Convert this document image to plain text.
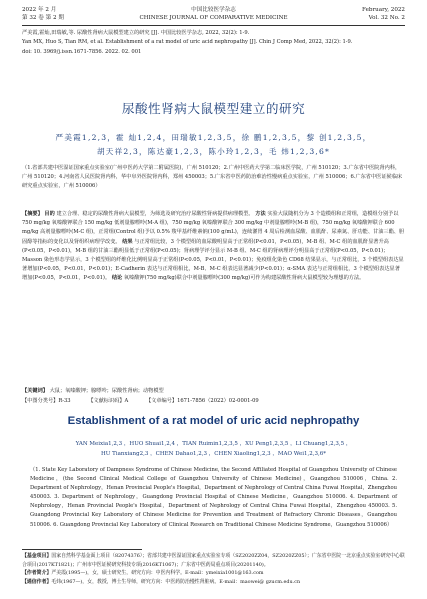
2022 年 2 月
第 32 卷 第 2 期
中国比较医学杂志
CHINESE JOURNAL OF COMPARATIVE MEDICINE
February, 2022
Vol. 32 No. 2
严美霞,霍灿,田瑞敏,等. 尿酸性肾病大鼠模型建立的研究 [J]. 中国比较医学杂志, 2022, 32(2): 1-9.
Yan MX, Huo S, Tian RM, et al. Establishment of a rat model of uric acid nephropathy [J]. Chin J Comp Med, 2022, 32(2): 1-9.
doi: 10. 3969/j.issn.1671-7856. 2022. 02. 001
尿酸性肾病大鼠模型建立的研究
严美霞1,2,3，霍 灿1,2,4，田瑞敏1,2,3,5，徐 鹏1,2,3,5，黎 创1,2,3,5，
胡天祥2,3，陈达豪1,2,3，陈小玲1,2,3，毛 炜1,2,3,6*
（1.省部共建中医湿证国家重点实验室(广州中医药大学第二附属医院)，广州 510120；2.广州中医药大学第二临床医学院，广州 510120；3.广东省中医院肾内科，广州 510120；4.河南省人民医院肾内科，华中阜外医院肾内科，郑州 450003；5.广东省中医药防治难治性慢病重点实验室，广州 510006；6.广东省中医证候临床研究重点实验室，广州 510006）
【摘要】 目的 建立合理、稳定的尿酸性肾病大鼠模型，为筛选及研究治疗尿酸性肾病提供病理模型。 方法 实验大鼠随机分为 3 个造模组和正常组，造模组分别予以 750 mg/kg 氧嗪酸钾联合 150 mg/kg 低剂量腺嘌呤(M-A 组)，750 mg/kg 氧嗪酸钾联合 300 mg/kg 中剂量腺嘌呤(M-B 组)，750 mg/kg 氧嗪酸钾联合 600 mg/kg 高剂量腺嘌呤(M-C 组)，正常组(Control 组)予以 0.5% 羧甲基纤维素钠(100 g/mL)，连续灌胃 4 周后检测血尿酸、血肌酐、尿素氮、肝功能、甘油三酯、胆固醇等指标的变化以及肾组织病理学改变。 结果 与正常组比较，3 个模型组的血尿酸明显高于正常组(P<0.01，P<0.05)，M-B 组、M-C 组的血肌酐显著升高(P<0.05，P<0.01)，M-B 组的甘油三酯明显低于正常组(P<0.05)；肾病理学评分显示 M-B 组、M-C 组的肾病理评分明显高于正常组(P<0.05，P<0.01)；Masson 染色形态学显示，3 个模型组的纤维化比例明显高于正常组(P<0.05，P<0.01，P<0.01)；免疫组化染色 CD68 结果显示，与正常组比，3 个模型组表达显著增加(P<0.05，P<0.01，P<0.01)；E-Cadherin 表达与正常组相比，M-B、M-C 组表达显著减少(P<0.01)；α-SMA 表达与正常组相比，3 个模型组表达显著增加(P<0.05，P<0.01，P<0.01)。 结论 氧嗪酸钾(750 mg/kg)联合中剂量腺嘌呤(300 mg/kg)可作为构建尿酸性肾病大鼠模型较为理想的方法。
【关键词】 大鼠；氧嗪酸钾；腺嘌呤；尿酸性肾病；动物模型
【中图分类号】R-33	【文献标识码】A	【文章编号】1671-7856（2022）02-0001-09
Establishment of a rat model of uric acid nephropathy
YAN Meixia1,2,3 ，HUO Shuai1,2,4 ，TIAN Ruimin1,2,3,5 ，XU Peng1,2,3,5 ，LI Chuang1,2,3,5 ，
HU Tianxiang2,3 ，CHEN Dahao1,2,3 ，CHEN Xiaoling1,2,3 ，MAO Wei1,2,3,6*
（1. State Key Laboratory of Dampness Syndrome of Chinese Medicine, the Second Affiliated Hospital of Guangzhou University of Chinese Medicine，(the Second Clinical Medical College of Guangzhou University of Chinese Medicine)，Guangzhou 510006，China. 2. Department of Nephrology，Henan Provincial People's Hospital，Department of Nephrology of Central China Fuwai Hospital，Zhengzhou 450003. 3. Department of Nephrology，Guangdong Provincial Hospital of Chinese Medicine，Guangzhou 510006. 4. Department of Nephrology，Henan Provincial People's Hospital，Department of Nephrology of Central China Fuwai Hospital，Zhengzhou 450003. 5. Guangdong Provincial Key Laboratory of Chinese Medicine for Prevention and Treatment of Refractory Chronic Diseases，Guangzhou 510006. 6. Guangdong Provincial Key Laboratory of Clinical Research on Traditional Chinese Medicine Syndrome，Guangzhou 510006）
【基金项目】国家自然科学基金面上项目（82074376）；省部共建中医湿证国家重点实验室专项（SZ2020ZZ04，SZ2020ZZ05）；广东省中医院一北京重点实验室研究中心联合项目(2017KT1821)；广州市中医证候研究科技专项(2016KT1067)；广东省中医药局重点项目(20201140)。
【作者简介】严美霞(1995—)，女，硕士研究生，研究方向：中医内科学。E-mail：ymeixia1001@163.com
【通信作者】毛炜(1967—)，女，教授，博士生导师，研究方向：中医药防治慢性肾脏病。E-mail：maowei@ gzucm.edu.cn
